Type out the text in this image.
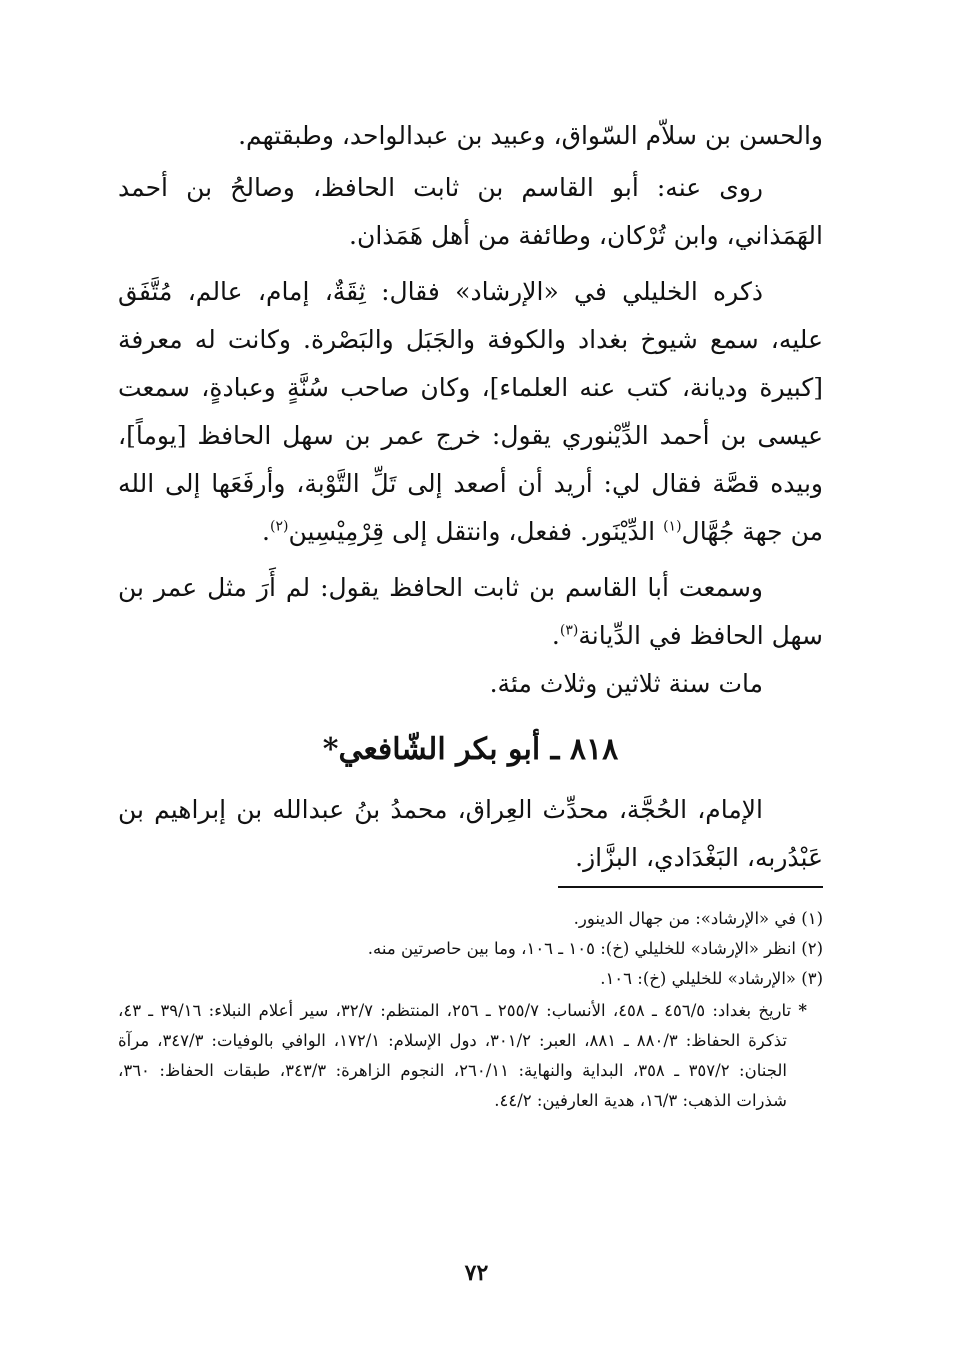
والحسن بن سلاّم السّواق، وعبيد بن عبدالواحد، وطبقتهم.

روى عنه: أبو القاسم بن ثابت الحافظ، وصالحُ بن أحمد الهَمَذاني، وابن تُرْكان، وطائفة من أهل هَمَذان.

ذكره الخليلي في «الإرشاد» فقال: ثِقَةٌ، إمام، عالم، مُتَّفَق عليه، سمع شيوخ بغداد والكوفة والجَبَل والبَصْرة. وكانت له معرفة [كبيرة وديانة، كتب عنه العلماء]، وكان صاحب سُنَّةٍ وعبادةٍ، سمعت عيسى بن أحمد الدِّيْنوري يقول: خرج عمر بن سهل الحافظ [يوماً]، وبيده قصَّة فقال لي: أريد أن أصعد إلى تَلِّ التَّوْبة، وأرفَعَها إلى الله من جهة جُهَّال$^{(١)}$ الدِّيْنَور. ففعل، وانتقل إلى قِرْمِيْسِين$^{(٢)}$.

وسمعت أبا القاسم بن ثابت الحافظ يقول: لم أَرَ مثل عمر بن سهل الحافظ في الدِّيانة$^{(٣)}$.

مات سنة ثلاثين وثلاث مئة.

٨١٨ ـ أبو بكر الشّافعي*

الإمام، الحُجَّة، محدِّث العِراق، محمدُ بنُ عبدالله بن إبراهيم بن عَبْدُربه، البَغْدَادي، البزَّاز.

(١) في «الإرشاد»: من جهال الدينور.

(٢) انظر «الإرشاد» للخليلي (خ): ١٠٥ ـ ١٠٦، وما بين حاصرتين منه.

(٣) «الإرشاد» للخليلي (خ): ١٠٦.

* تاريخ بغداد: ٤٥٦/٥ ـ ٤٥٨، الأنساب: ٢٥٥/٧ ـ ٢٥٦، المنتظم: ٣٢/٧، سير أعلام النبلاء: ٣٩/١٦ ـ ٤٣، تذكرة الحفاظ: ٨٨٠/٣ ـ ٨٨١، العبر: ٣٠١/٢، دول الإسلام: ١٧٢/١، الوافي بالوفيات: ٣٤٧/٣، مرآة الجنان: ٣٥٧/٢ ـ ٣٥٨، البداية والنهاية: ٢٦٠/١١، النجوم الزاهرة: ٣٤٣/٣، طبقات الحفاظ: ٣٦٠، شذرات الذهب: ١٦/٣، هدية العارفين: ٤٤/٢.

٧٢
